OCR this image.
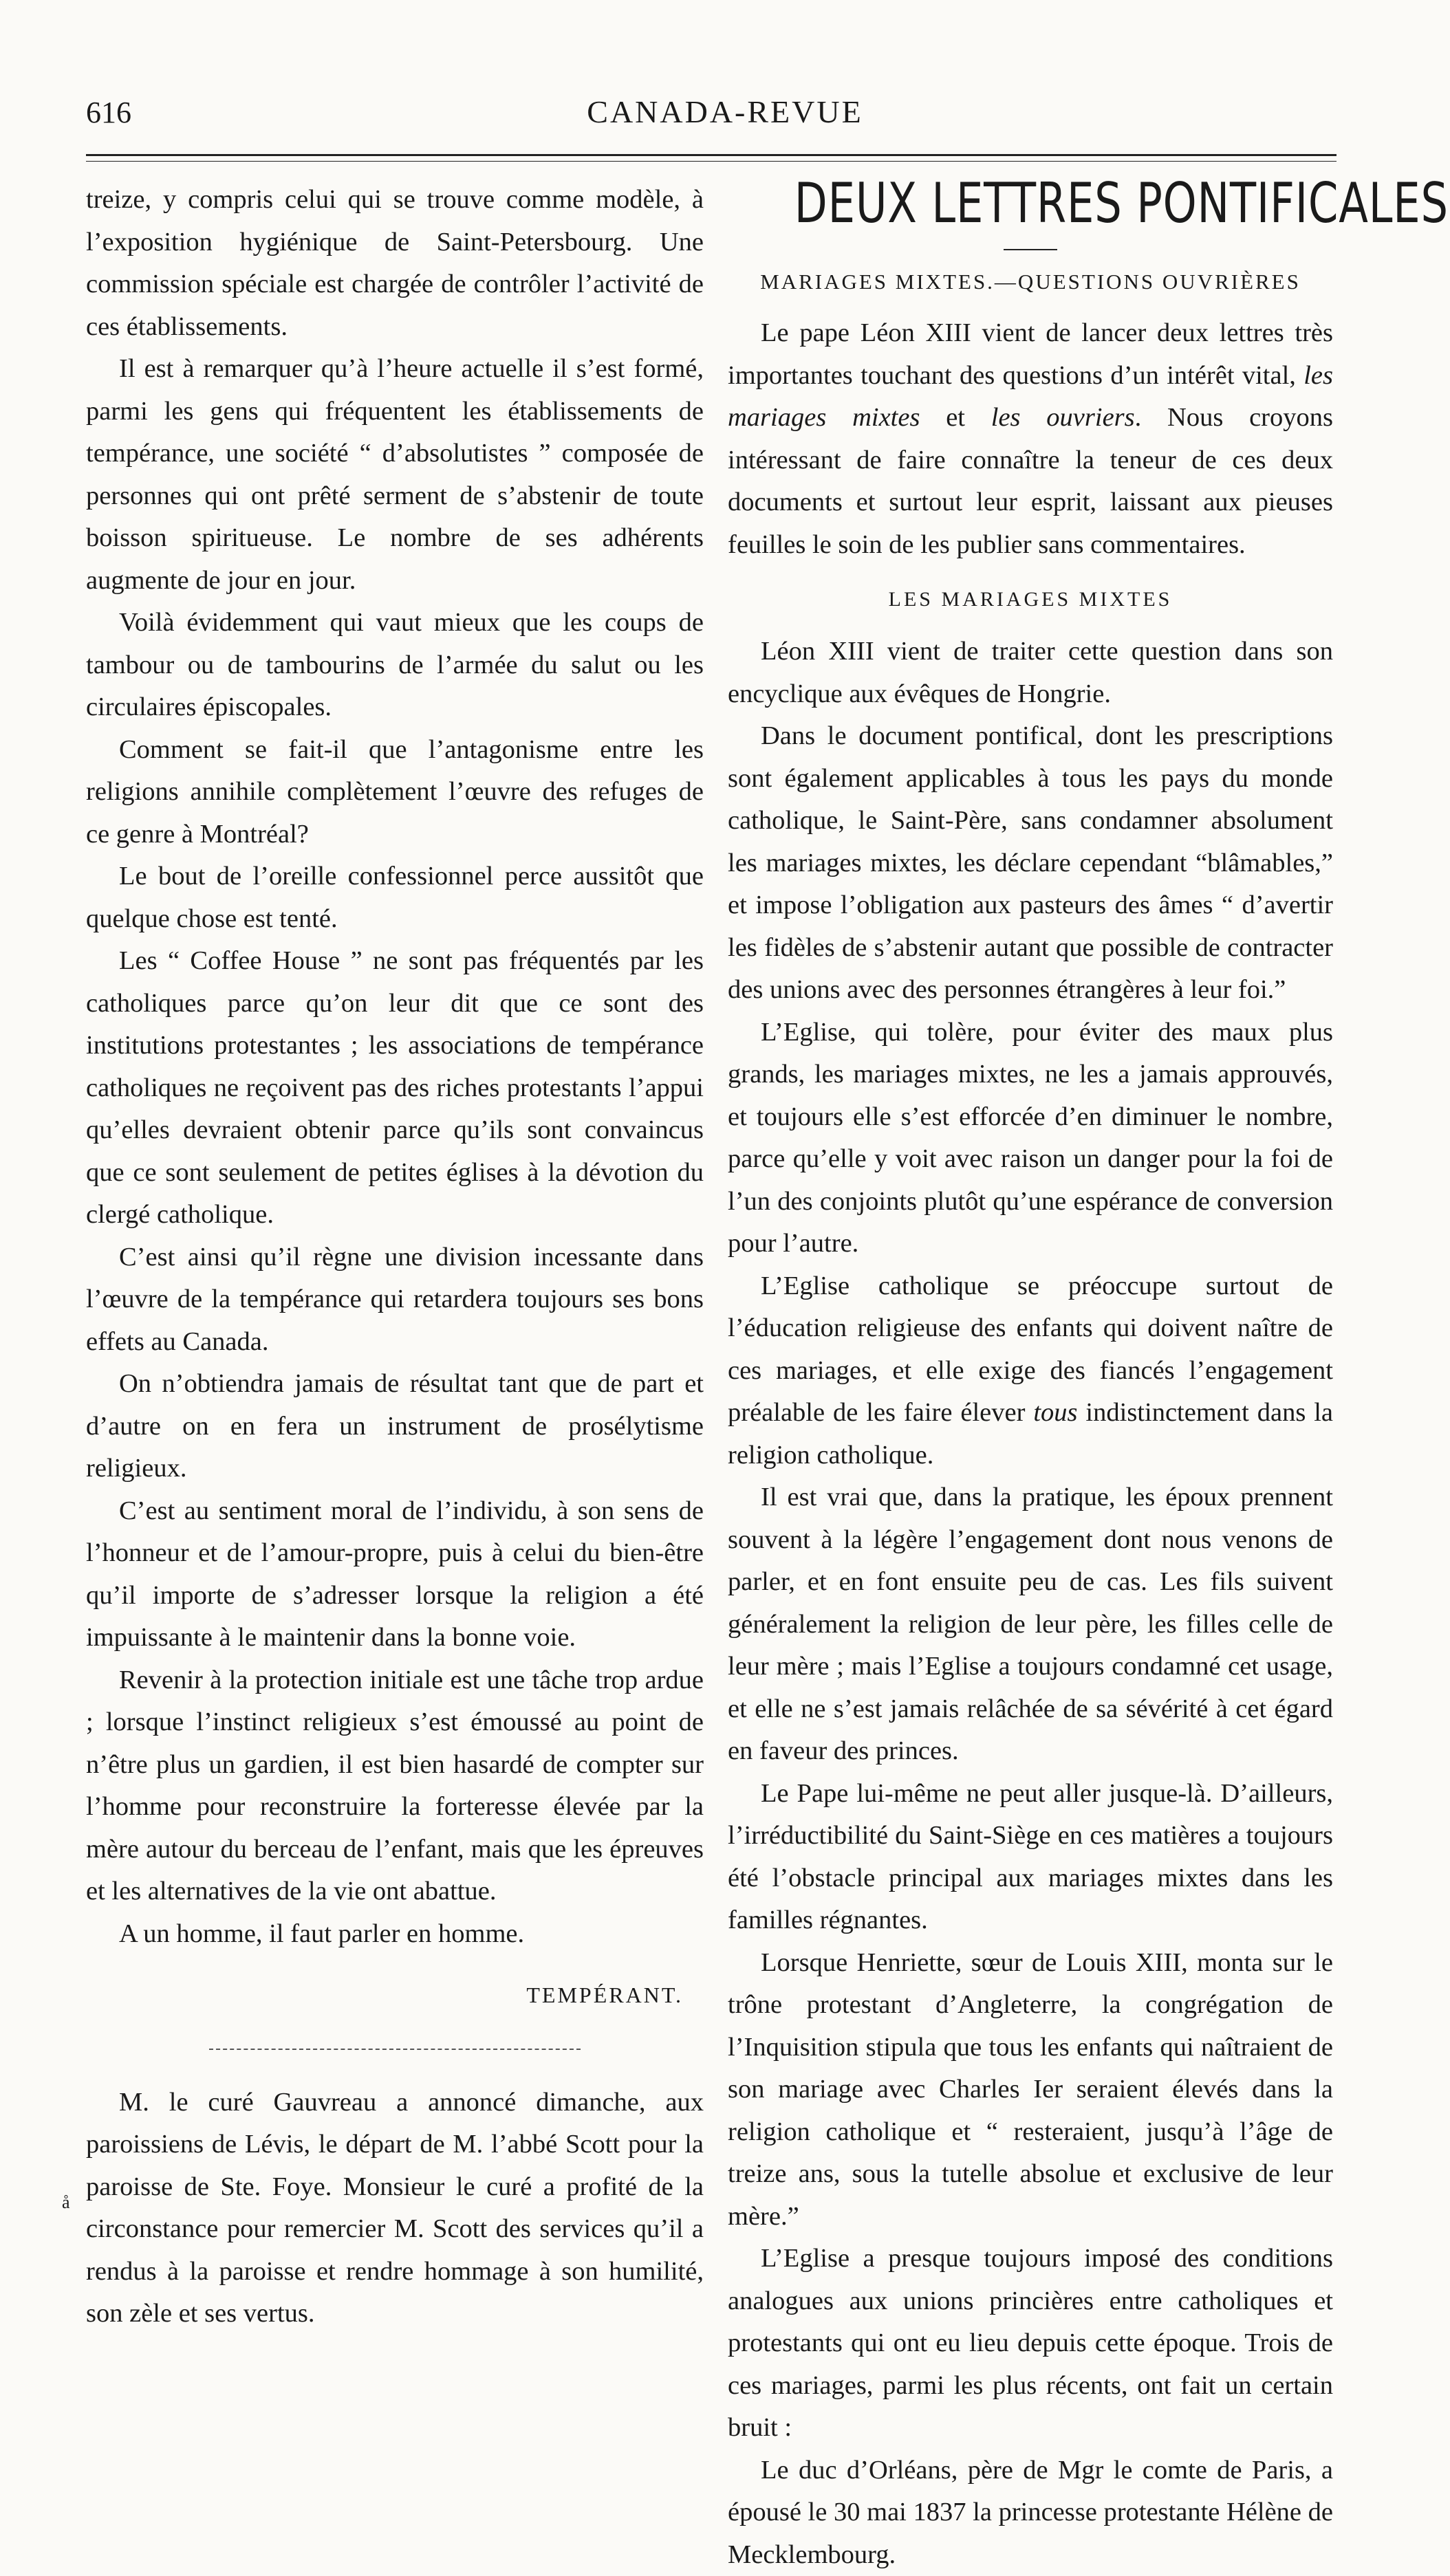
616	CANADA-REVUE

treize, y compris celui qui se trouve comme modèle, à l’exposition hygiénique de Saint-Petersbourg. Une commission spéciale est chargée de contrôler l’activité de ces établissements.

Il est à remarquer qu’à l’heure actuelle il s’est formé, parmi les gens qui fréquentent les établissements de tempérance, une société “ d’absolutistes ” composée de personnes qui ont prêté serment de s’abstenir de toute boisson spiritueuse. Le nombre de ses adhérents augmente de jour en jour.

Voilà évidemment qui vaut mieux que les coups de tambour ou de tambourins de l’armée du salut ou les circulaires épiscopales.

Comment se fait-il que l’antagonisme entre les religions annihile complètement l’œuvre des refuges de ce genre à Montréal?

Le bout de l’oreille confessionnel perce aussitôt que quelque chose est tenté.

Les “ Coffee House ” ne sont pas fréquentés par les catholiques parce qu’on leur dit que ce sont des institutions protestantes ; les associations de tempérance catholiques ne reçoivent pas des riches protestants l’appui qu’elles devraient obtenir parce qu’ils sont convaincus que ce sont seulement de petites églises à la dévotion du clergé catholique.

C’est ainsi qu’il règne une division incessante dans l’œuvre de la tempérance qui retardera toujours ses bons effets au Canada.

On n’obtiendra jamais de résultat tant que de part et d’autre on en fera un instrument de prosélytisme religieux.

C’est au sentiment moral de l’individu, à son sens de l’honneur et de l’amour-propre, puis à celui du bien-être qu’il importe de s’adresser lorsque la religion a été impuissante à le maintenir dans la bonne voie.

Revenir à la protection initiale est une tâche trop ardue ; lorsque l’instinct religieux s’est émoussé au point de n’être plus un gardien, il est bien hasardé de compter sur l’homme pour reconstruire la forteresse élevée par la mère autour du berceau de l’enfant, mais que les épreuves et les alternatives de la vie ont abattue.

A un homme, il faut parler en homme.

TEMPÉRANT.

M. le curé Gauvreau a annoncé dimanche, aux paroissiens de Lévis, le départ de M. l’abbé Scott pour la paroisse de Ste. Foye. Monsieur le curé a profité de la circonstance pour remercier M. Scott des services qu’il a rendus à la paroisse et rendre hommage à son humilité, son zèle et ses vertus.

DEUX LETTRES PONTIFICALES
MARIAGES MIXTES.—QUESTIONS OUVRIÈRES

Le pape Léon XIII vient de lancer deux lettres très importantes touchant des questions d’un intérêt vital, les mariages mixtes et les ouvriers. Nous croyons intéressant de faire connaître la teneur de ces deux documents et surtout leur esprit, laissant aux pieuses feuilles le soin de les publier sans commentaires.

LES MARIAGES MIXTES

Léon XIII vient de traiter cette question dans son encyclique aux évêques de Hongrie.

Dans le document pontifical, dont les prescriptions sont également applicables à tous les pays du monde catholique, le Saint-Père, sans condamner absolument les mariages mixtes, les déclare cependant “blâmables,” et impose l’obligation aux pasteurs des âmes “ d’avertir les fidèles de s’abstenir autant que possible de contracter des unions avec des personnes étrangères à leur foi.”

L’Eglise, qui tolère, pour éviter des maux plus grands, les mariages mixtes, ne les a jamais approuvés, et toujours elle s’est efforcée d’en diminuer le nombre, parce qu’elle y voit avec raison un danger pour la foi de l’un des conjoints plutôt qu’une espérance de conversion pour l’autre.

L’Eglise catholique se préoccupe surtout de l’éducation religieuse des enfants qui doivent naître de ces mariages, et elle exige des fiancés l’engagement préalable de les faire élever tous indistinctement dans la religion catholique.

Il est vrai que, dans la pratique, les époux prennent souvent à la légère l’engagement dont nous venons de parler, et en font ensuite peu de cas. Les fils suivent généralement la religion de leur père, les filles celle de leur mère ; mais l’Eglise a toujours condamné cet usage, et elle ne s’est jamais relâchée de sa sévérité à cet égard en faveur des princes.

Le Pape lui-même ne peut aller jusque-là. D’ailleurs, l’irréductibilité du Saint-Siège en ces matières a toujours été l’obstacle principal aux mariages mixtes dans les familles régnantes.

Lorsque Henriette, sœur de Louis XIII, monta sur le trône protestant d’Angleterre, la congrégation de l’Inquisition stipula que tous les enfants qui naîtraient de son mariage avec Charles Ier seraient élevés dans la religion catholique et “ resteraient, jusqu’à l’âge de treize ans, sous la tutelle absolue et exclusive de leur mère.”

L’Eglise a presque toujours imposé des conditions analogues aux unions princières entre catholiques et protestants qui ont eu lieu depuis cette époque. Trois de ces mariages, parmi les plus récents, ont fait un certain bruit :

Le duc d’Orléans, père de Mgr le comte de Paris, a épousé le 30 mai 1837 la princesse protestante Hélène de Mecklembourg.

å
